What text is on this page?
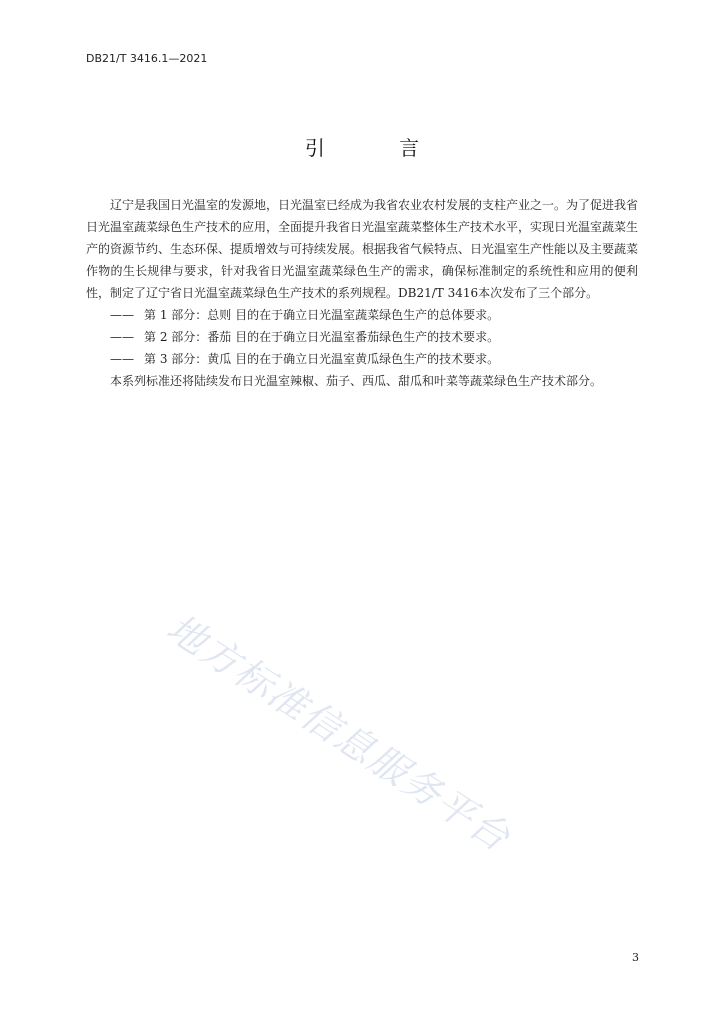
DB21/T 3416.1—2021
引 言

辽宁是我国日光温室的发源地，日光温室已经成为我省农业农村发展的支柱产业之一。为了促进我省日光温室蔬菜绿色生产技术的应用，全面提升我省日光温室蔬菜整体生产技术水平，实现日光温室蔬菜生产的资源节约、生态环保、提质增效与可持续发展。根据我省气候特点、日光温室生产性能以及主要蔬菜作物的生长规律与要求，针对我省日光温室蔬菜绿色生产的需求，确保标准制定的系统性和应用的便利性，制定了辽宁省日光温室蔬菜绿色生产技术的系列规程。DB21/T 3416本次发布了三个部分。

—— 第 1 部分：总则 目的在于确立日光温室蔬菜绿色生产的总体要求。

—— 第 2 部分：番茄 目的在于确立日光温室番茄绿色生产的技术要求。

—— 第 3 部分：黄瓜 目的在于确立日光温室黄瓜绿色生产的技术要求。

本系列标准还将陆续发布日光温室辣椒、茄子、西瓜、甜瓜和叶菜等蔬菜绿色生产技术部分。

地方标准信息服务平台
3
